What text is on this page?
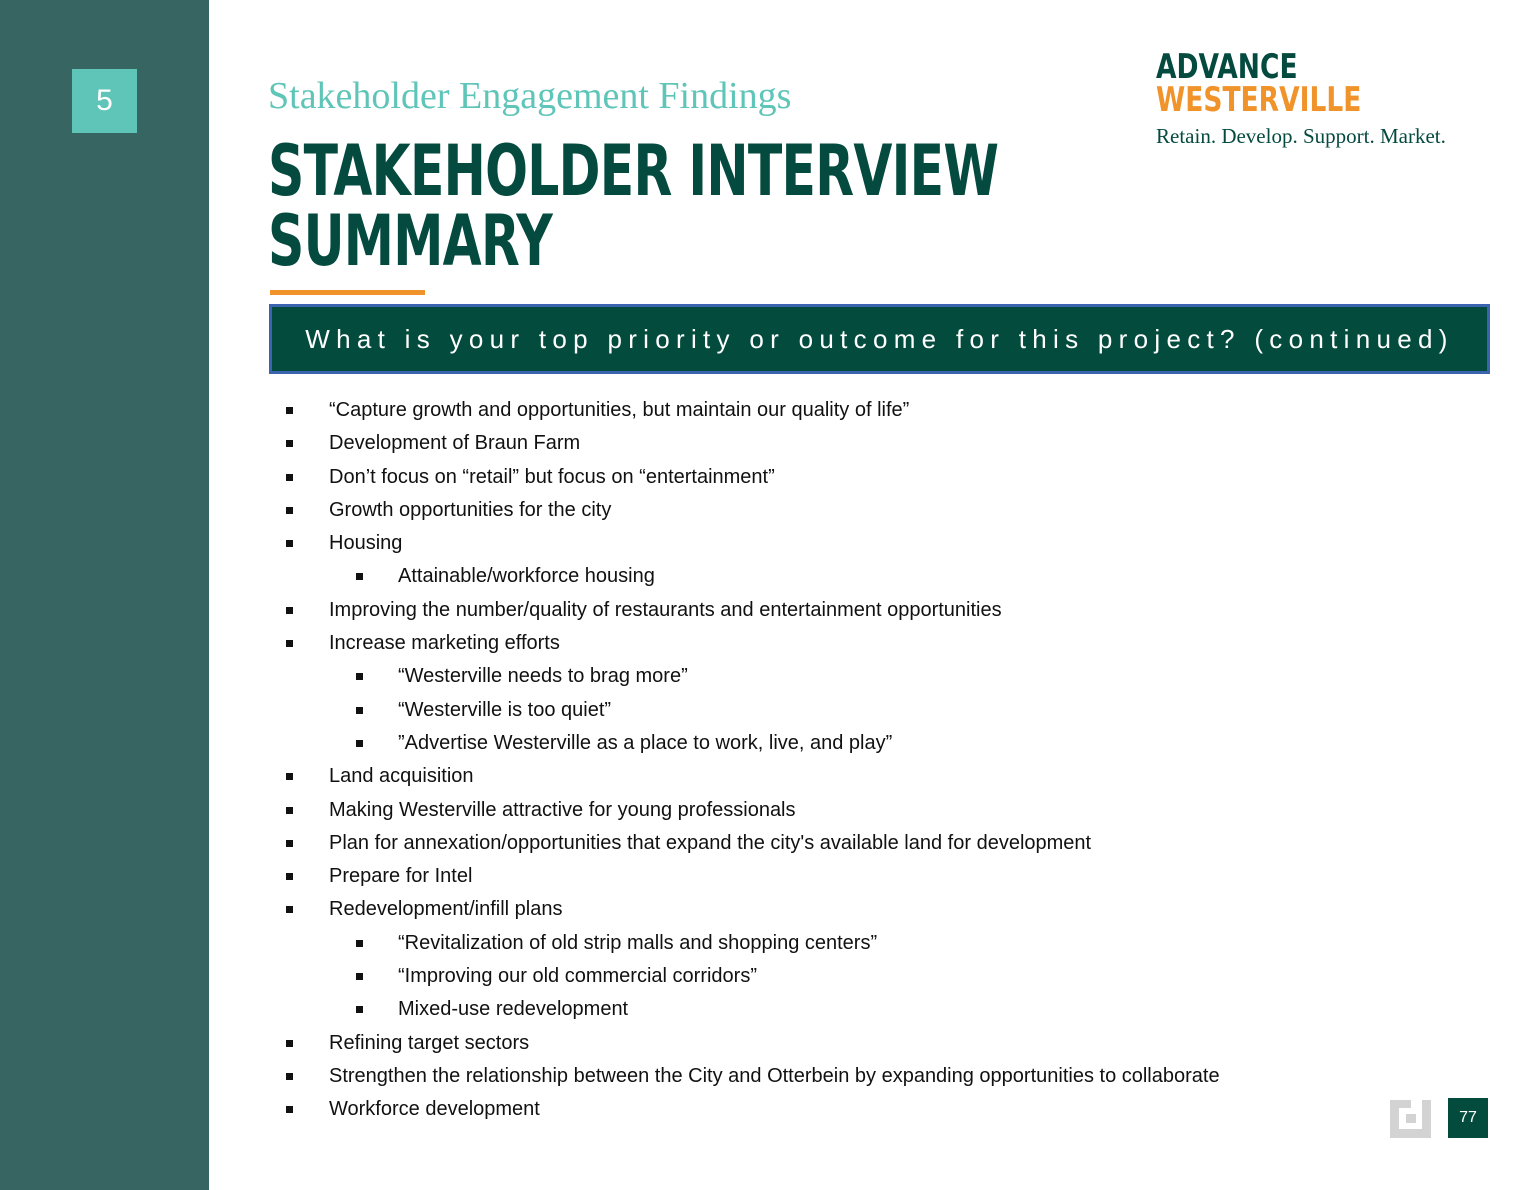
5	Stakeholder Engagement Findings
STAKEHOLDER INTERVIEW
SUMMARY
ADVANCE
WESTERVILLE
Retain. Develop. Support. Market.
What is your top priority or outcome for this project? (continued)
“Capture growth and opportunities, but maintain our quality of life”
Development of Braun Farm
Don’t focus on “retail” but focus on “entertainment”
Growth opportunities for the city
Housing
Attainable/workforce housing
Improving the number/quality of restaurants and entertainment opportunities
Increase marketing efforts
“Westerville needs to brag more”
“Westerville is too quiet”
”Advertise Westerville as a place to work, live, and play”
Land acquisition
Making Westerville attractive for young professionals
Plan for annexation/opportunities that expand the city's available land for development
Prepare for Intel
Redevelopment/infill plans
“Revitalization of old strip malls and shopping centers”
“Improving our old commercial corridors”
Mixed-use redevelopment
Refining target sectors
Strengthen the relationship between the City and Otterbein by expanding opportunities to collaborate
Workforce development	77
